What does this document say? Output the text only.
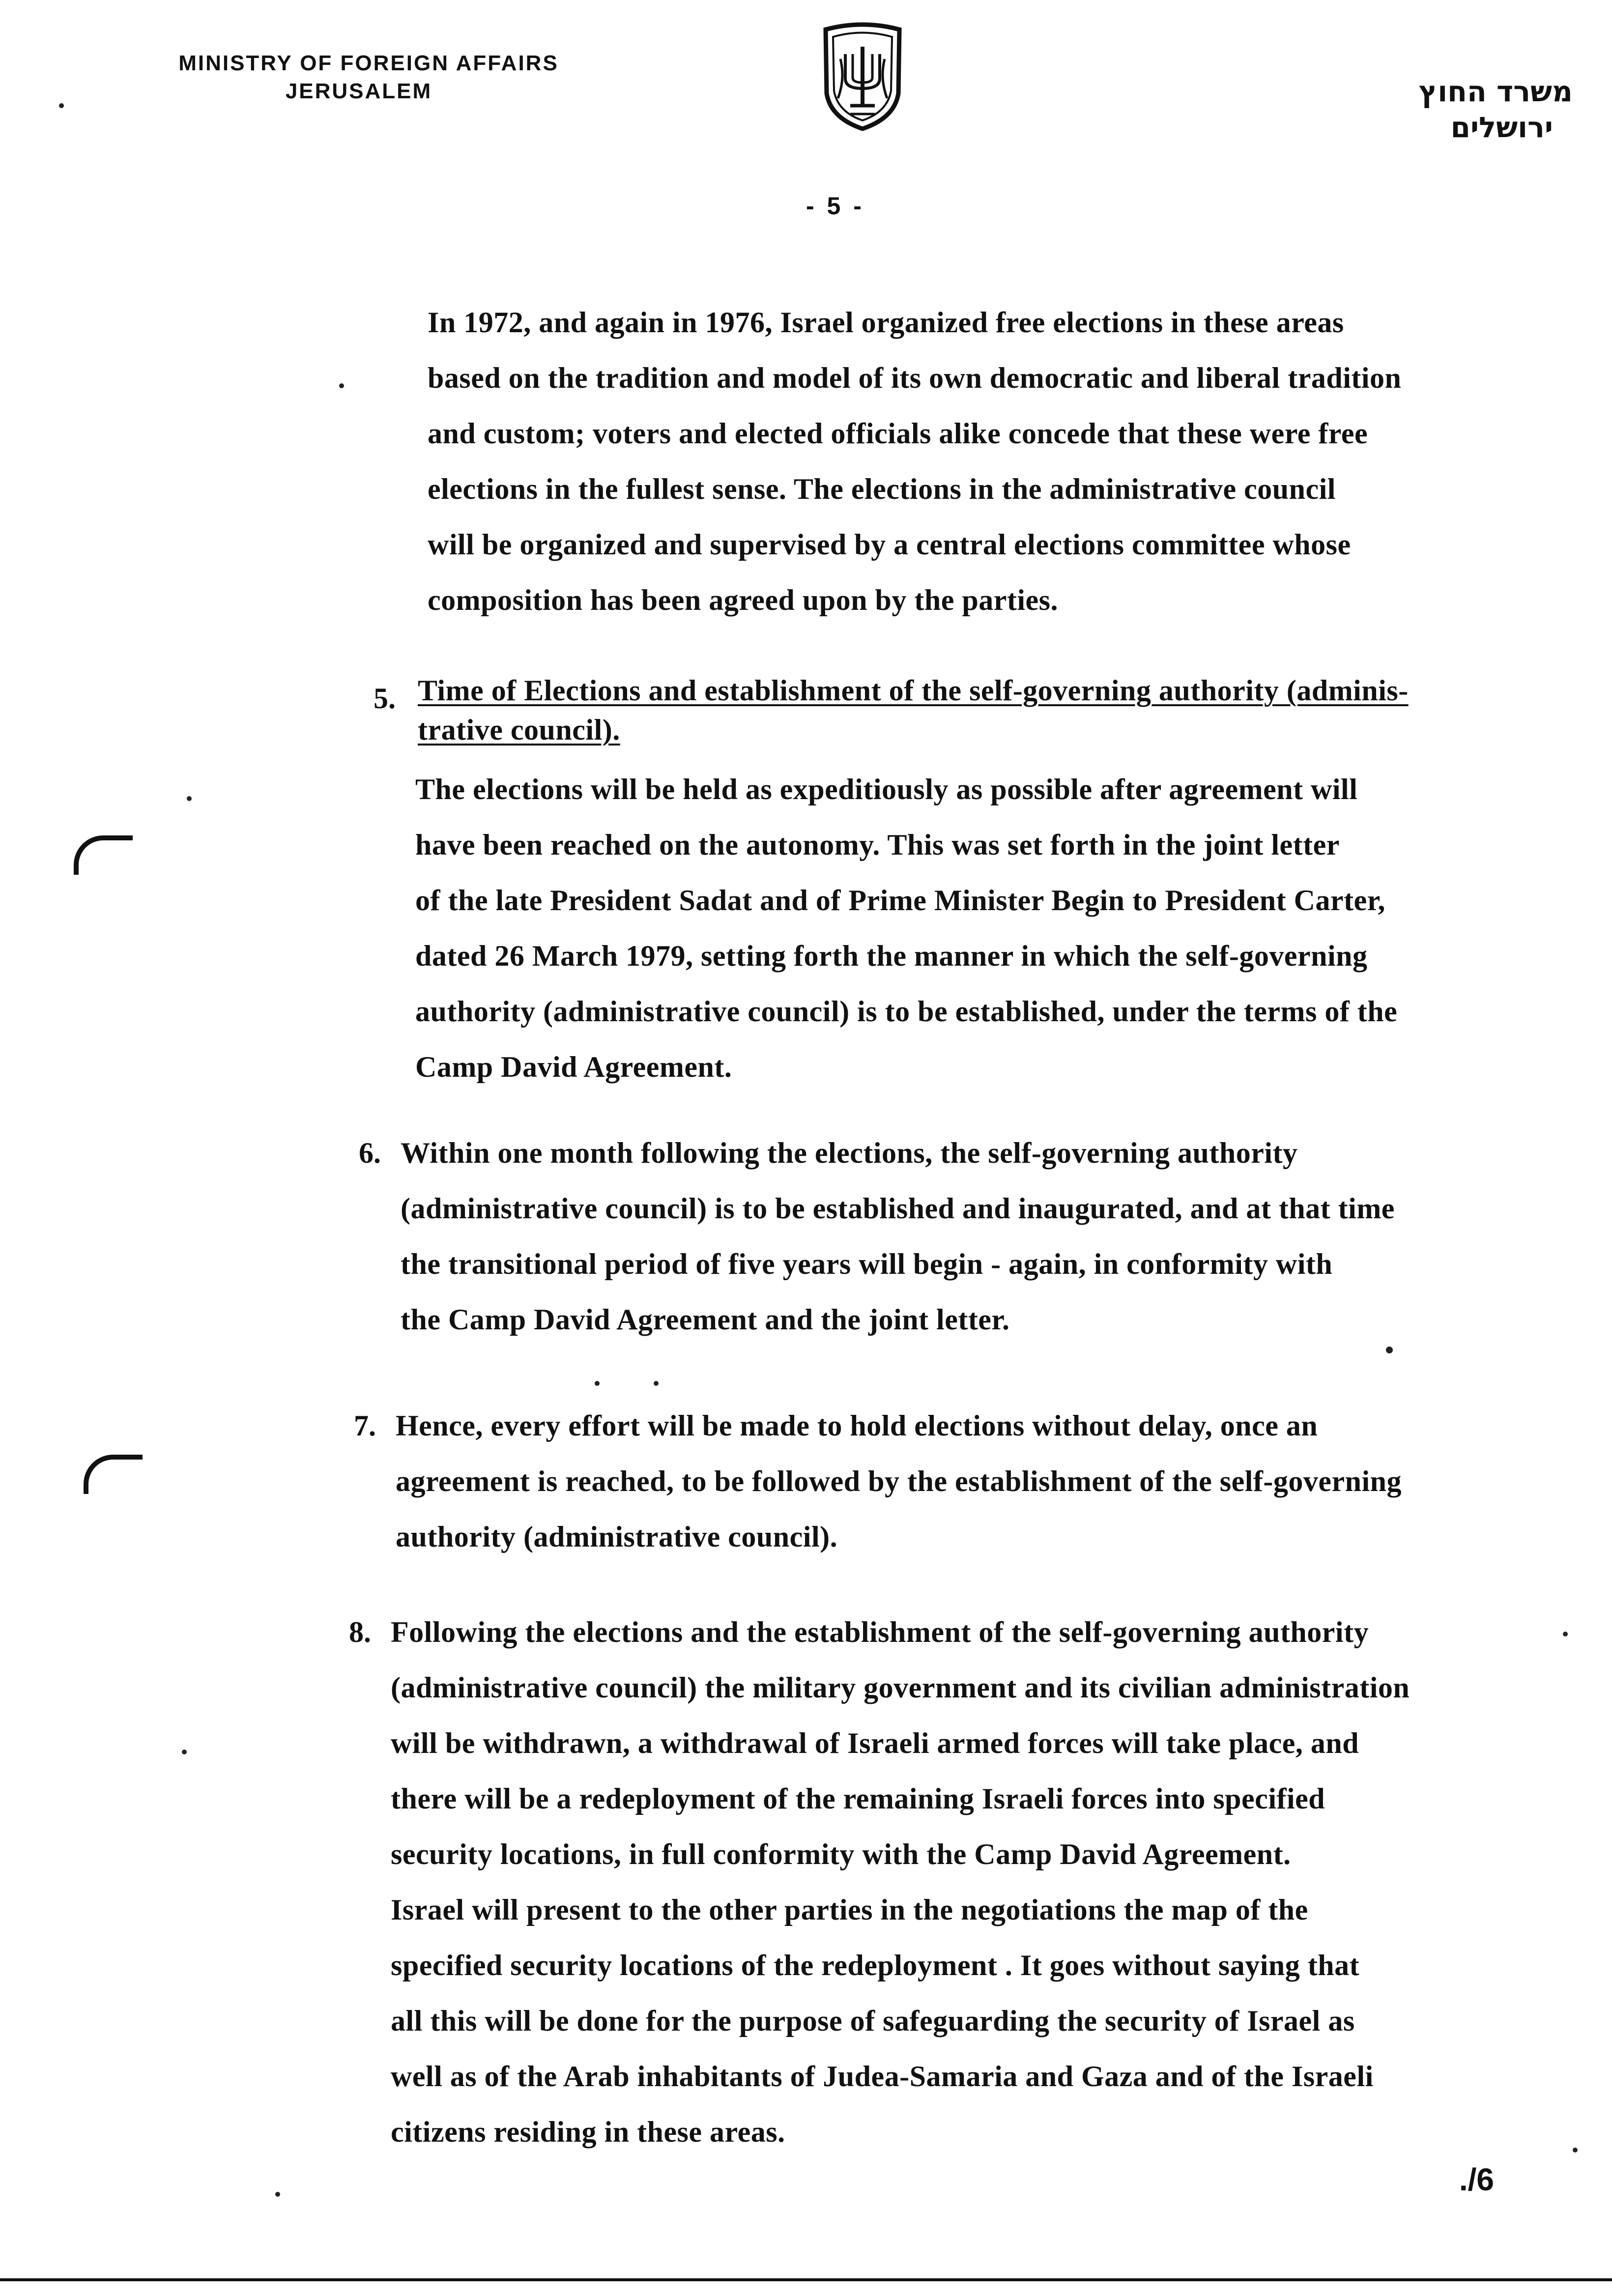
MINISTRY OF FOREIGN AFFAIRS
JERUSALEM	משרד החוץ
ירושלים
- 5 -
In 1972, and again in 1976, Israel organized free elections in these areas
based on the tradition and model of its own democratic and liberal tradition
and custom; voters and elected officials alike concede that these were free
elections in the fullest sense. The elections in the administrative council
will be organized and supervised by a central elections committee whose
composition has been agreed upon by the parties.
5. Time of Elections and establishment of the self-governing authority (adminis-
trative council).
The elections will be held as expeditiously as possible after agreement will
have been reached on the autonomy. This was set forth in the joint letter
of the late President Sadat and of Prime Minister Begin to President Carter,
dated 26 March 1979, setting forth the manner in which the self-governing
authority (administrative council) is to be established, under the terms of the
Camp David Agreement.
6. Within one month following the elections, the self-governing authority
(administrative council) is to be established and inaugurated, and at that time
the transitional period of five years will begin - again, in conformity with
the Camp David Agreement and the joint letter.
7. Hence, every effort will be made to hold elections without delay, once an
agreement is reached, to be followed by the establishment of the self-governing
authority (administrative council).
8. Following the elections and the establishment of the self-governing authority
(administrative council) the military government and its civilian administration
will be withdrawn, a withdrawal of Israeli armed forces will take place, and
there will be a redeployment of the remaining Israeli forces into specified
security locations, in full conformity with the Camp David Agreement.
Israel will present to the other parties in the negotiations the map of the
specified security locations of the redeployment . It goes without saying that
all this will be done for the purpose of safeguarding the security of Israel as
well as of the Arab inhabitants of Judea-Samaria and Gaza and of the Israeli
citizens residing in these areas.
./6
